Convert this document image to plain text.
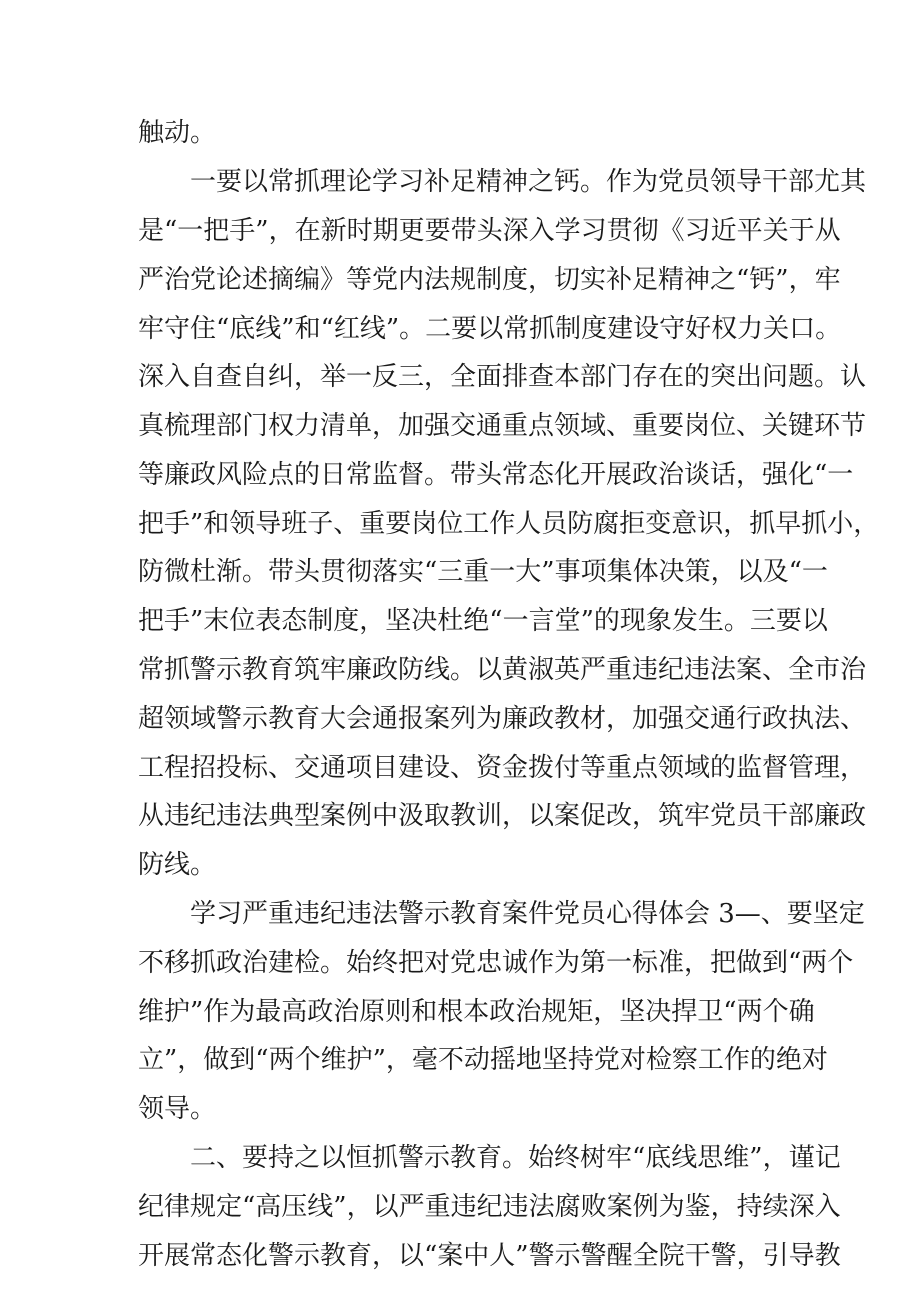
触动。

一要以常抓理论学习补足精神之钙。作为党员领导干部尤其

是“一把手”，在新时期更要带头深入学习贯彻《习近平关于从

严治党论述摘编》等党内法规制度，切实补足精神之“钙”，牢

牢守住“底线”和“红线”。二要以常抓制度建设守好权力关口。

深入自查自纠，举一反三，全面排查本部门存在的突出问题。认

真梳理部门权力清单，加强交通重点领域、重要岗位、关键环节

等廉政风险点的日常监督。带头常态化开展政治谈话，强化“一

把手”和领导班子、重要岗位工作人员防腐拒变意识，抓早抓小，

防微杜渐。带头贯彻落实“三重一大”事项集体决策，以及“一

把手”末位表态制度，坚决杜绝“一言堂”的现象发生。三要以

常抓警示教育筑牢廉政防线。以黄淑英严重违纪违法案、全市治

超领域警示教育大会通报案列为廉政教材，加强交通行政执法、

工程招投标、交通项目建设、资金拨付等重点领域的监督管理，

从违纪违法典型案例中汲取教训，以案促改，筑牢党员干部廉政

防线。

学习严重违纪违法警示教育案件党员心得体会 3—、要坚定

不移抓政治建检。始终把对党忠诚作为第一标准，把做到“两个

维护”作为最高政治原则和根本政治规矩，坚决捍卫“两个确

立”，做到“两个维护”，毫不动摇地坚持党对检察工作的绝对

领导。

二、要持之以恒抓警示教育。始终树牢“底线思维”，谨记

纪律规定“高压线”，以严重违纪违法腐败案例为鉴，持续深入

开展常态化警示教育，以“案中人”警示警醒全院干警，引导教
